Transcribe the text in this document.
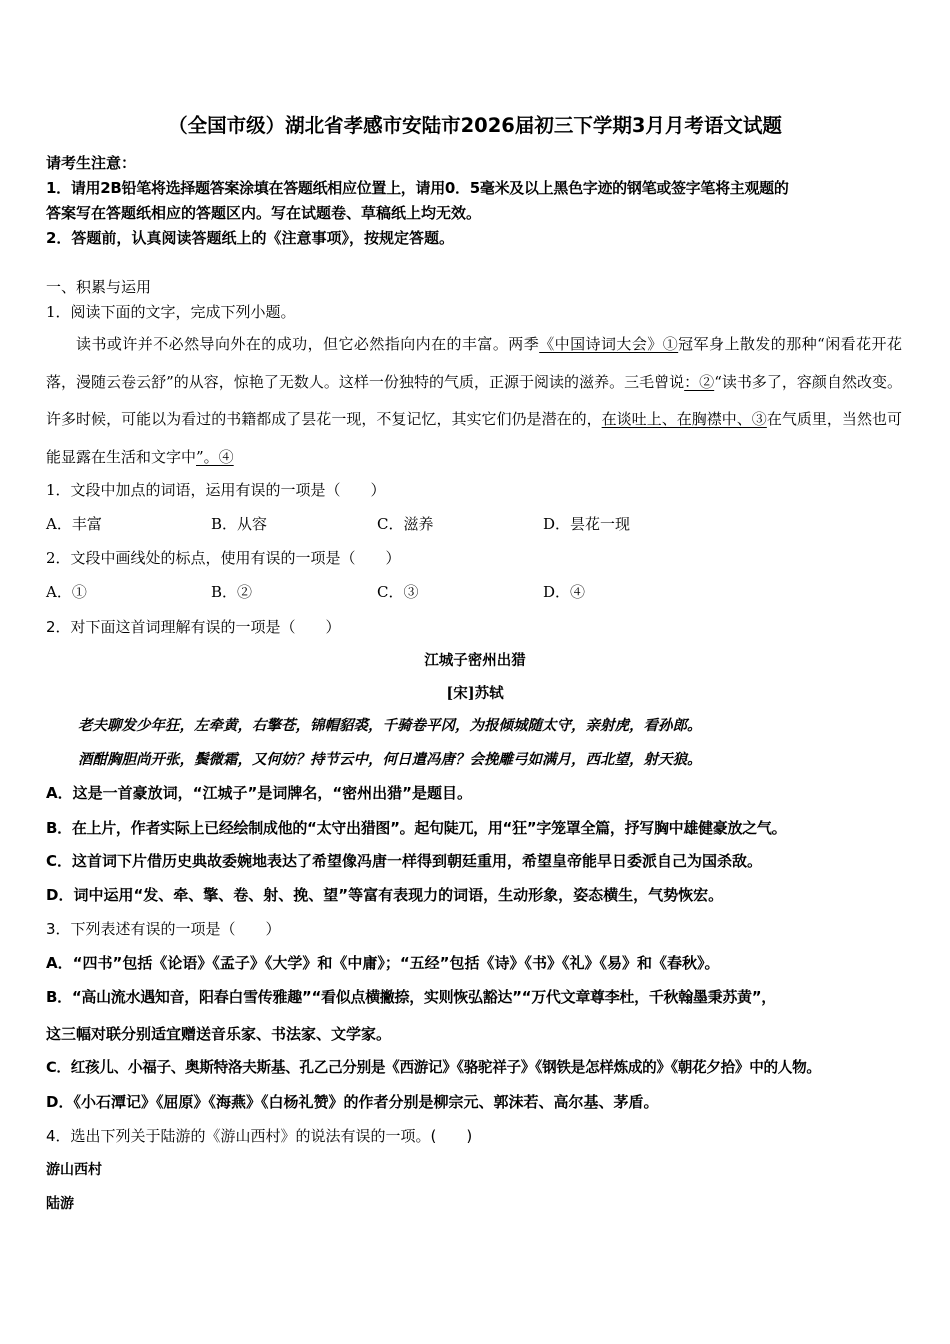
（全国市级）湖北省孝感市安陆市2026届初三下学期3月月考语文试题
请考生注意：
1．请用2B铅笔将选择题答案涂填在答题纸相应位置上，请用0．5毫米及以上黑色字迹的钢笔或签字笔将主观题的
答案写在答题纸相应的答题区内。写在试题卷、草稿纸上均无效。
2．答题前，认真阅读答题纸上的《注意事项》，按规定答题。
一、积累与运用
1．阅读下面的文字，完成下列小题。
读书或许并不必然导向外在的成功，但它必然指向内在的丰富。两季《中国诗词大会》①冠军身上散发的那种“闲看花开花落，漫随云卷云舒”的从容，惊艳了无数人。这样一份独特的气质，正源于阅读的滋养。三毛曾说：②“读书多了，容颜自然改变。许多时候，可能以为看过的书籍都成了昙花一现，不复记忆，其实它们仍是潜在的，在谈吐上、在胸襟中、③在气质里，当然也可能显露在生活和文字中”。④
1．文段中加点的词语，运用有误的一项是（　　）
A．丰富	B．从容	C．滋养	D．昙花一现
2．文段中画线处的标点，使用有误的一项是（　　）
A．①	B．②	C．③	D．④
2．对下面这首词理解有误的一项是（　　）
江城子密州出猎
[宋]苏轼
老夫聊发少年狂，左牵黄，右擎苍，锦帽貂裘，千骑卷平冈，为报倾城随太守，亲射虎，看孙郎。
酒酣胸胆尚开张，鬓微霜，又何妨？持节云中，何日遣冯唐？会挽雕弓如满月，西北望，射天狼。
A．这是一首豪放词，“江城子”是词牌名，“密州出猎”是题目。
B．在上片，作者实际上已经绘制成他的“太守出猎图”。起句陡兀，用“狂”字笼罩全篇，抒写胸中雄健豪放之气。
C．这首词下片借历史典故委婉地表达了希望像冯唐一样得到朝廷重用，希望皇帝能早日委派自己为国杀敌。
D．词中运用“发、牵、擎、卷、射、挽、望”等富有表现力的词语，生动形象，姿态横生，气势恢宏。
3．下列表述有误的一项是（　　）
A．“四书”包括《论语》《孟子》《大学》和《中庸》；“五经”包括《诗》《书》《礼》《易》和《春秋》。
B．“高山流水遇知音，阳春白雪传雅趣”“看似点横撇捺，实则恢弘豁达”“万代文章尊李杜，千秋翰墨秉苏黄”，
这三幅对联分别适宜赠送音乐家、书法家、文学家。
C．红孩儿、小福子、奥斯特洛夫斯基、孔乙己分别是《西游记》《骆驼祥子》《钢铁是怎样炼成的》《朝花夕拾》中的人物。
D．《小石潭记》《屈原》《海燕》《白杨礼赞》的作者分别是柳宗元、郭沫若、高尔基、茅盾。
4．选出下列关于陆游的《游山西村》的说法有误的一项。(　　)
游山西村
陆游
